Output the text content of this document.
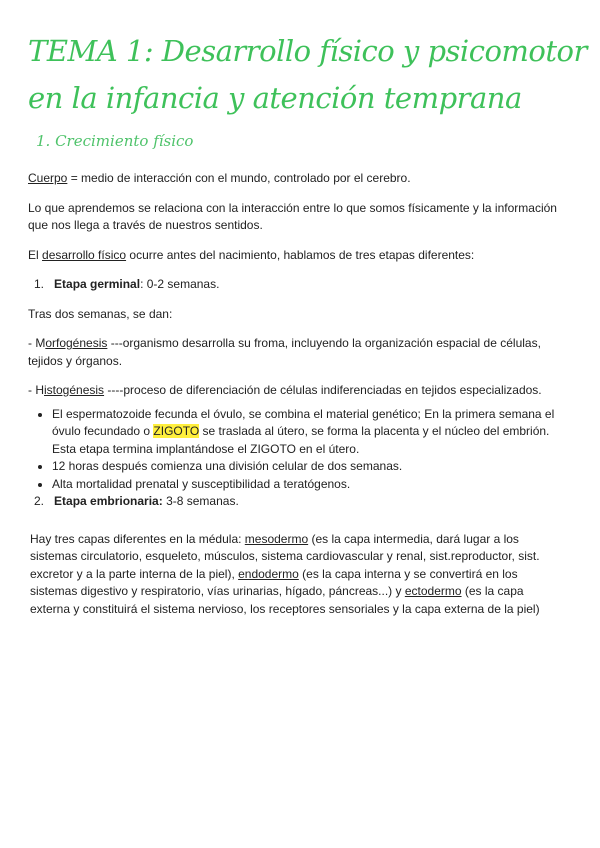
TEMA 1: Desarrollo físico y psicomotor en la infancia y atención temprana
1. Crecimiento físico

Cuerpo = medio de interacción con el mundo, controlado por el cerebro.

Lo que aprendemos se relaciona con la interacción entre lo que somos físicamente y la información que nos llega a través de nuestros sentidos.

El desarrollo físico ocurre antes del nacimiento, hablamos de tres etapas diferentes:

1. Etapa germinal: 0-2 semanas.

Tras dos semanas, se dan:

- Morfogénesis ---organismo desarrolla su froma, incluyendo la organización espacial de células, tejidos y órganos.

- Histogénesis ----proceso de diferenciación de células indiferenciadas en tejidos especializados.

• El espermatozoide fecunda el óvulo, se combina el material genético; En la primera semana el óvulo fecundado o ZIGOTO se traslada al útero, se forma la placenta y el núcleo del embrión. Esta etapa termina implantándose el ZIGOTO en el útero.
• 12 horas después comienza una división celular de dos semanas.
• Alta mortalidad prenatal y susceptibilidad a teratógenos.

2. Etapa embrionaria: 3-8 semanas.

Hay tres capas diferentes en la médula: mesodermo (es la capa intermedia, dará lugar a los sistemas circulatorio, esqueleto, músculos, sistema cardiovascular y renal, sist.reproductor, sist. excretor y a la parte interna de la piel), endodermo (es la capa interna y se convertirá en los sistemas digestivo y respiratorio, vías urinarias, hígado, páncreas...) y ectodermo (es la capa externa y constituirá el sistema nervioso, los receptores sensoriales y la capa externa de la piel)
